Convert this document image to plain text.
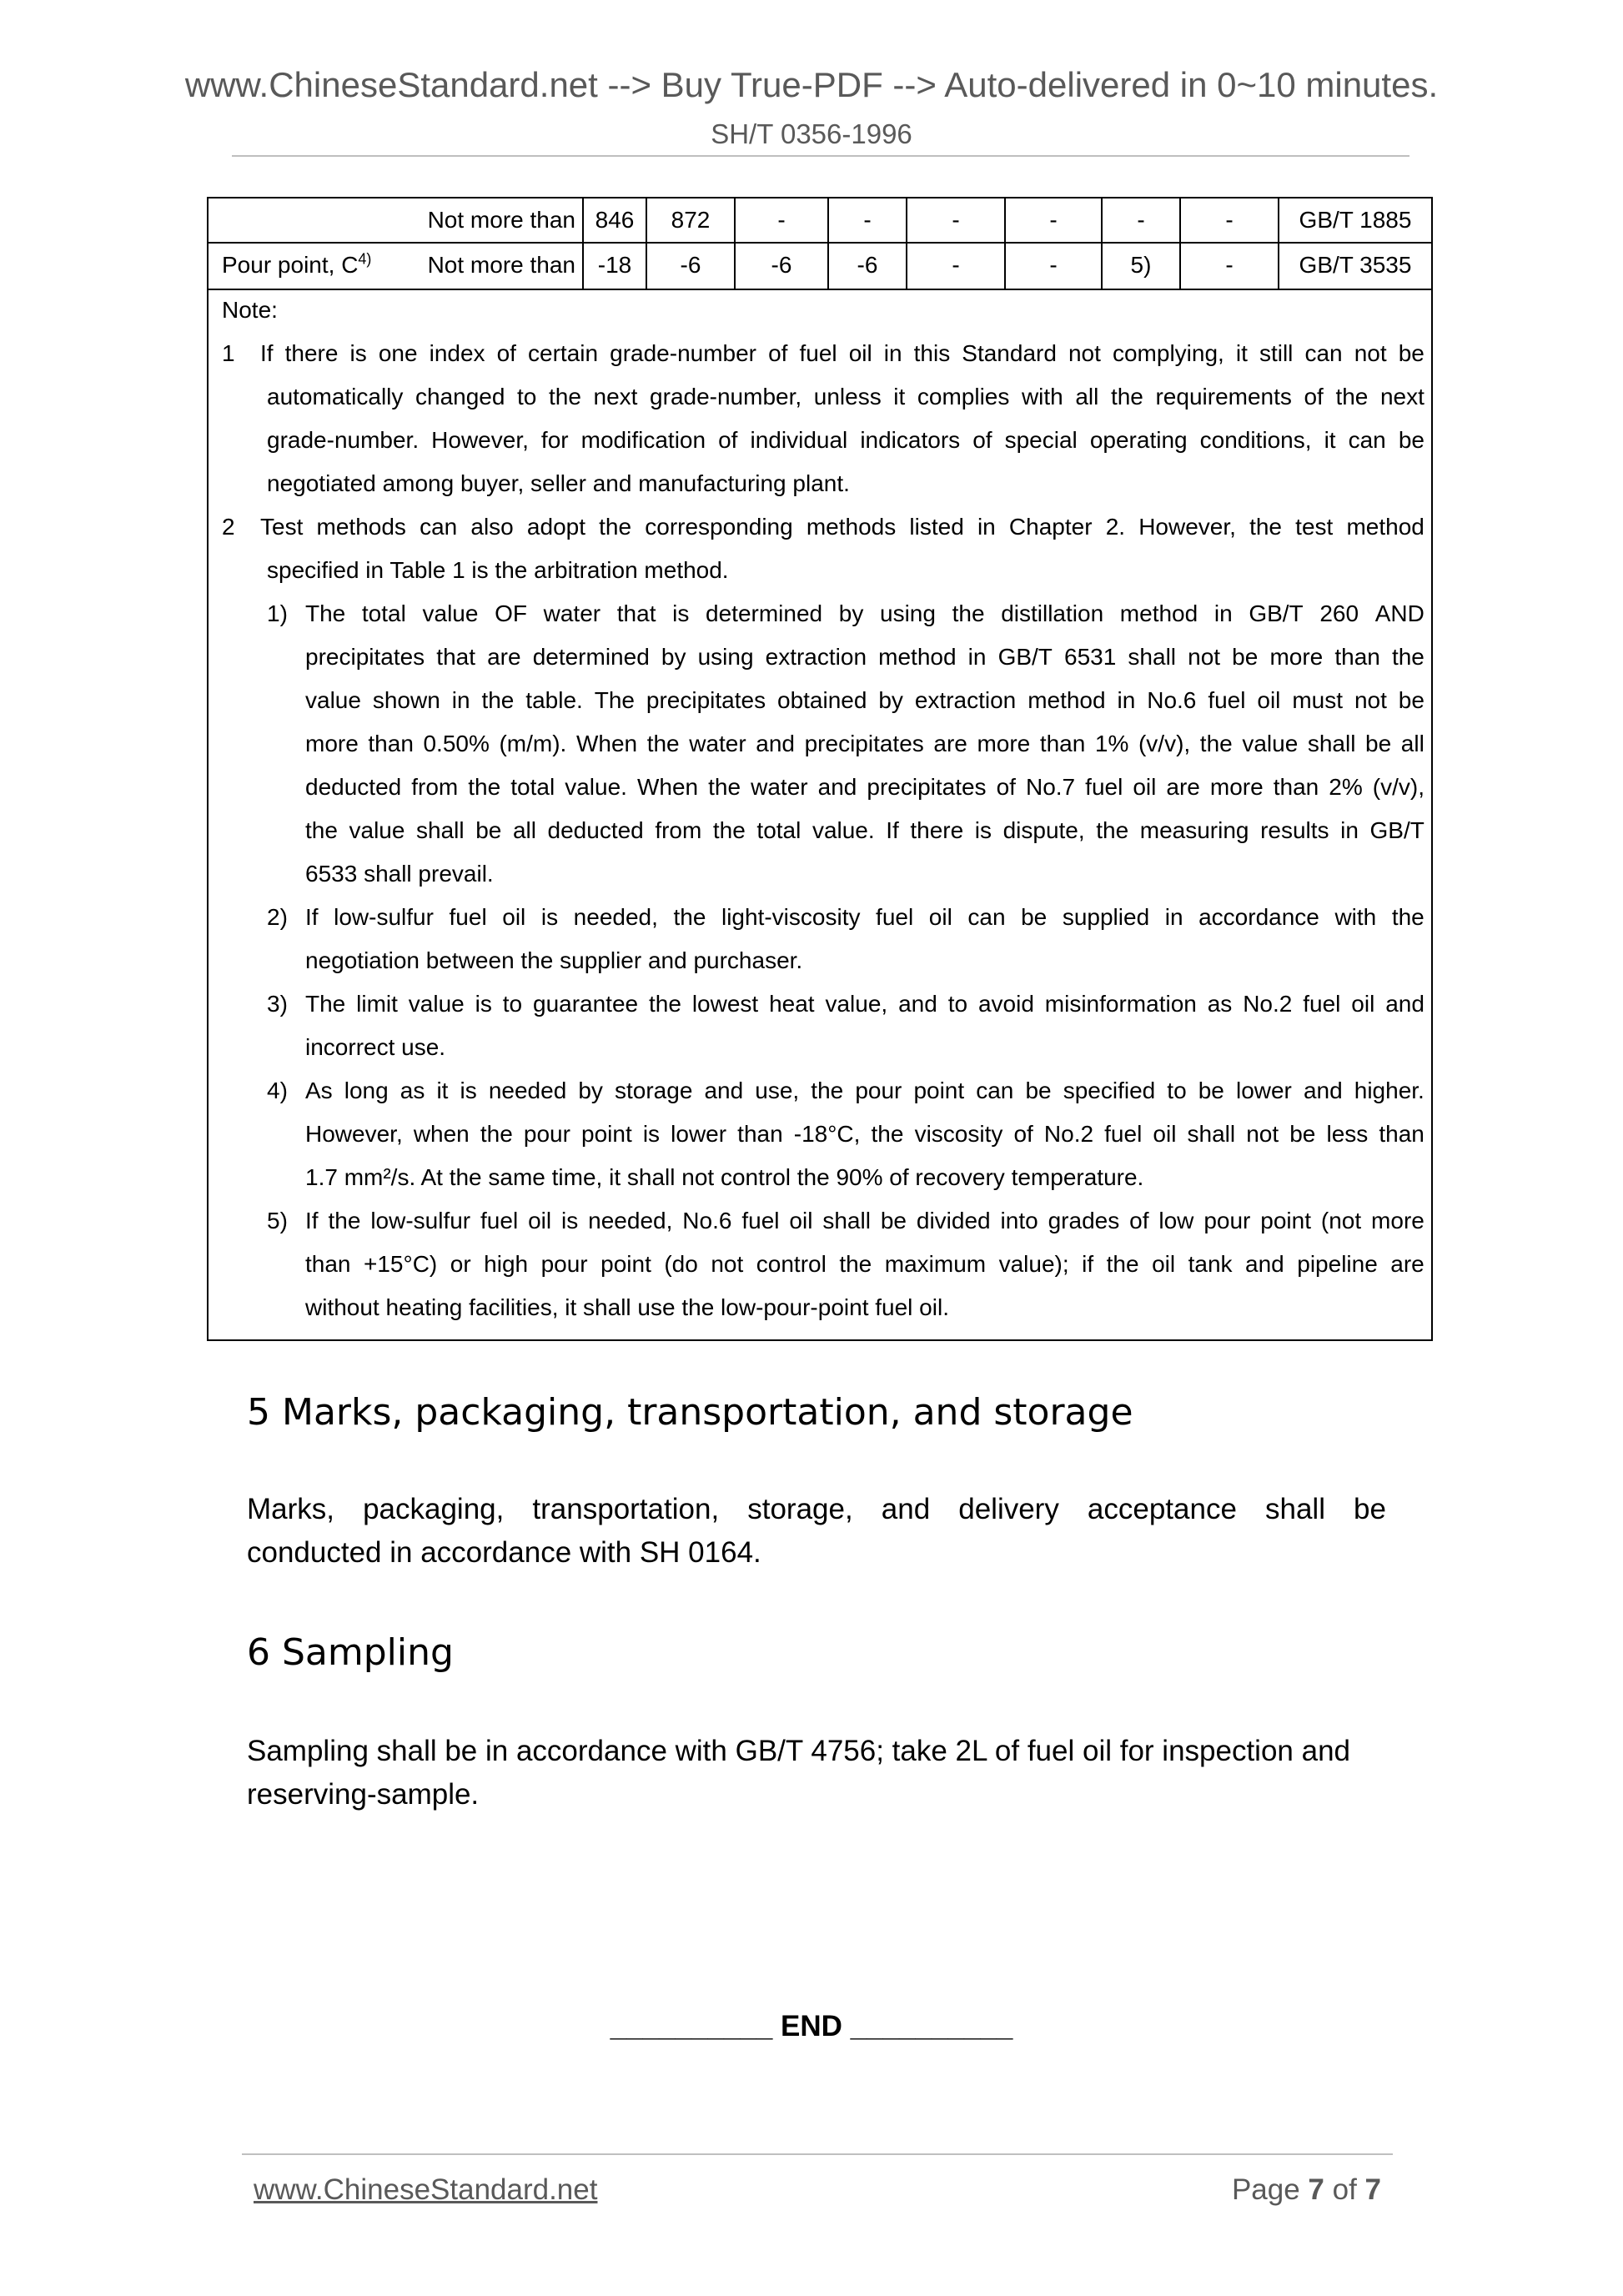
www.ChineseStandard.net --> Buy True-PDF --> Auto-delivered in 0~10 minutes.
SH/T 0356-1996
Not more than 846	872	-	-	-	-	-	-	GB/T 1885
Pour point, $C^{4)}$	Not more than -18	-6	-6	-6	-	-	5)	-	GB/T 3535
Note:
1 If there is one index of certain grade-number of fuel oil in this Standard not complying, it still can not be
automatically changed to the next grade-number, unless it complies with all the requirements of the next
grade-number. However, for modification of individual indicators of special operating conditions, it can be
negotiated among buyer, seller and manufacturing plant.
2 Test methods can also adopt the corresponding methods listed in Chapter 2. However, the test method
specified in Table 1 is the arbitration method.
1) The total value OF water that is determined by using the distillation method in GB/T 260 AND
precipitates that are determined by using extraction method in GB/T 6531 shall not be more than the
value shown in the table. The precipitates obtained by extraction method in No.6 fuel oil must not be
more than 0.50% (m/m). When the water and precipitates are more than 1% (v/v), the value shall be all
deducted from the total value. When the water and precipitates of No.7 fuel oil are more than 2% (v/v),
the value shall be all deducted from the total value. If there is dispute, the measuring results in GB/T
6533 shall prevail.
2) If low-sulfur fuel oil is needed, the light-viscosity fuel oil can be supplied in accordance with the
negotiation between the supplier and purchaser.
3) The limit value is to guarantee the lowest heat value, and to avoid misinformation as No.2 fuel oil and
incorrect use.
4) As long as it is needed by storage and use, the pour point can be specified to be lower and higher.
However, when the pour point is lower than -18°C, the viscosity of No.2 fuel oil shall not be less than
1.7 mm²/s. At the same time, it shall not control the 90% of recovery temperature.
5) If the low-sulfur fuel oil is needed, No.6 fuel oil shall be divided into grades of low pour point (not more
than +15°C) or high pour point (do not control the maximum value); if the oil tank and pipeline are
without heating facilities, it shall use the low-pour-point fuel oil.
5 Marks, packaging, transportation, and storage
Marks, packaging, transportation, storage, and delivery acceptance shall be
conducted in accordance with SH 0164.
6 Sampling
Sampling shall be in accordance with GB/T 4756; take 2L of fuel oil for inspection and
reserving-sample.
__________ END __________
www.ChineseStandard.net	Page 7 of 7
